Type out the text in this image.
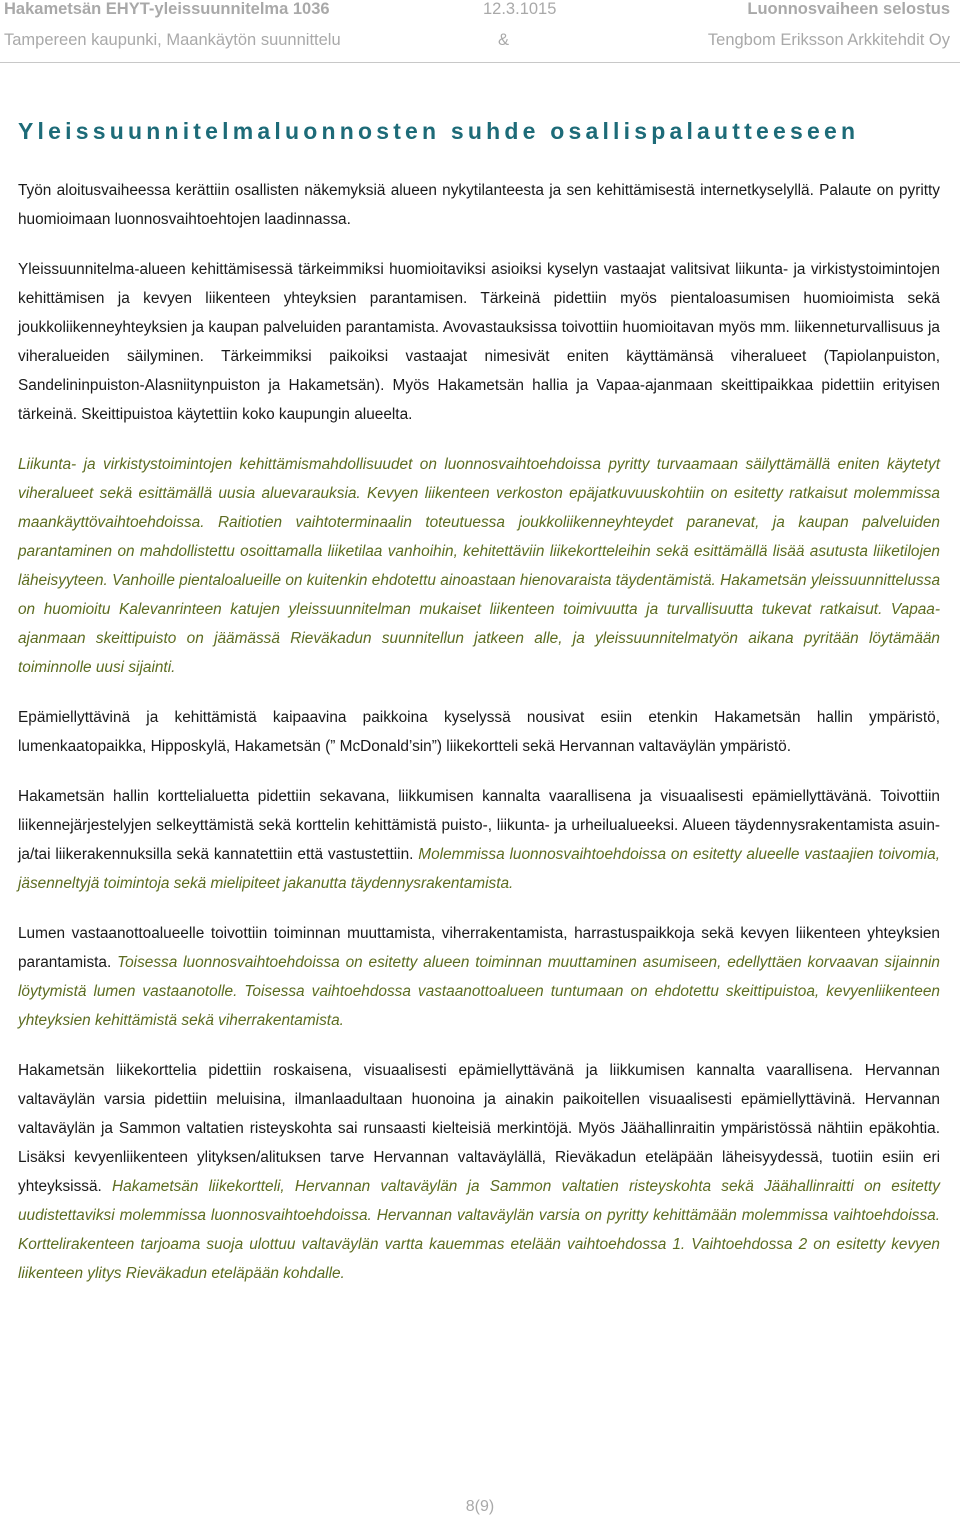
Hakametsän EHYT-yleissuunnitelma 1036	12.3.1015	Luonnosvaiheen selostus
Tampereen kaupunki, Maankäytön suunnittelu	&	Tengbom Eriksson Arkkitehdit Oy
Yleissuunnitelmaluonnosten suhde osallispalautteeseen

Työn aloitusvaiheessa kerättiin osallisten näkemyksiä alueen nykytilanteesta ja sen kehittämisestä internetkyselyllä. Palaute on pyritty huomioimaan luonnosvaihtoehtojen laadinnassa.

Yleissuunnitelma-alueen kehittämisessä tärkeimmiksi huomioitaviksi asioiksi kyselyn vastaajat valitsivat liikunta- ja virkistystoimintojen kehittämisen ja kevyen liikenteen yhteyksien parantamisen. Tärkeinä pidettiin myös pientaloasumisen huomioimista sekä joukkoliikenneyhteyksien ja kaupan palveluiden parantamista. Avovastauksissa toivottiin huomioitavan myös mm. liikenneturvallisuus ja viheralueiden säilyminen. Tärkeimmiksi paikoiksi vastaajat nimesivät eniten käyttämänsä viheralueet (Tapiolanpuiston, Sandelininpuiston-Alasniitynpuiston ja Hakametsän). Myös Hakametsän hallia ja Vapaa-ajanmaan skeittipaikkaa pidettiin erityisen tärkeinä. Skeittipuistoa käytettiin koko kaupungin alueelta.

Liikunta- ja virkistystoimintojen kehittämismahdollisuudet on luonnosvaihtoehdoissa pyritty turvaamaan säilyttämällä eniten käytetyt viheralueet sekä esittämällä uusia aluevarauksia. Kevyen liikenteen verkoston epäjatkuvuuskohtiin on esitetty ratkaisut molemmissa maankäyttövaihtoehdoissa. Raitiotien vaihtoterminaalin toteutuessa joukkoliikenneyhteydet paranevat, ja kaupan palveluiden parantaminen on mahdollistettu osoittamalla liiketilaa vanhoihin, kehitettäviin liikekortteleihin sekä esittämällä lisää asutusta liiketilojen läheisyyteen. Vanhoille pientaloalueille on kuitenkin ehdotettu ainoastaan hienovaraista täydentämistä. Hakametsän yleissuunnittelussa on huomioitu Kalevanrinteen katujen yleissuunnitelman mukaiset liikenteen toimivuutta ja turvallisuutta tukevat ratkaisut. Vapaa-ajanmaan skeittipuisto on jäämässä Rieväkadun suunnitellun jatkeen alle, ja yleissuunnitelmatyön aikana pyritään löytämään toiminnolle uusi sijainti.

Epämiellyttävinä ja kehittämistä kaipaavina paikkoina kyselyssä nousivat esiin etenkin Hakametsän hallin ympäristö, lumenkaatopaikka, Hipposkylä, Hakametsän (” McDonald’sin”) liikekortteli sekä Hervannan valtaväylän ympäristö.

Hakametsän hallin korttelialuetta pidettiin sekavana, liikkumisen kannalta vaarallisena ja visuaalisesti epämiellyttävänä. Toivottiin liikennejärjestelyjen selkeyttämistä sekä korttelin kehittämistä puisto-, liikunta- ja urheilualueeksi. Alueen täydennysrakentamista asuin- ja/tai liikerakennuksilla sekä kannatettiin että vastustettiin. Molemmissa luonnosvaihtoehdoissa on esitetty alueelle vastaajien toivomia, jäsenneltyjä toimintoja sekä mielipiteet jakanutta täydennysrakentamista.

Lumen vastaanottoalueelle toivottiin toiminnan muuttamista, viherrakentamista, harrastuspaikkoja sekä kevyen liikenteen yhteyksien parantamista. Toisessa luonnosvaihtoehdoissa on esitetty alueen toiminnan muuttaminen asumiseen, edellyttäen korvaavan sijainnin löytymistä lumen vastaanotolle. Toisessa vaihtoehdossa vastaanottoalueen tuntumaan on ehdotettu skeittipuistoa, kevyenliikenteen yhteyksien kehittämistä sekä viherrakentamista.

Hakametsän liikekorttelia pidettiin roskaisena, visuaalisesti epämiellyttävänä ja liikkumisen kannalta vaarallisena. Hervannan valtaväylän varsia pidettiin meluisina, ilmanlaadultaan huonoina ja ainakin paikoitellen visuaalisesti epämiellyttävinä. Hervannan valtaväylän ja Sammon valtatien risteyskohta sai runsaasti kielteisiä merkintöjä. Myös Jäähallinraitin ympäristössä nähtiin epäkohtia. Lisäksi kevyenliikenteen ylityksen/alituksen tarve Hervannan valtaväylällä, Rieväkadun eteläpään läheisyydessä, tuotiin esiin eri yhteyksissä. Hakametsän liikekortteli, Hervannan valtaväylän ja Sammon valtatien risteyskohta sekä Jäähallinraitti on esitetty uudistettaviksi molemmissa luonnosvaihtoehdoissa. Hervannan valtaväylän varsia on pyritty kehittämään molemmissa vaihtoehdoissa. Korttelirakenteen tarjoama suoja ulottuu valtaväylän vartta kauemmas etelään vaihtoehdossa 1. Vaihtoehdossa 2 on esitetty kevyen liikenteen ylitys Rieväkadun eteläpään kohdalle.

8(9)
